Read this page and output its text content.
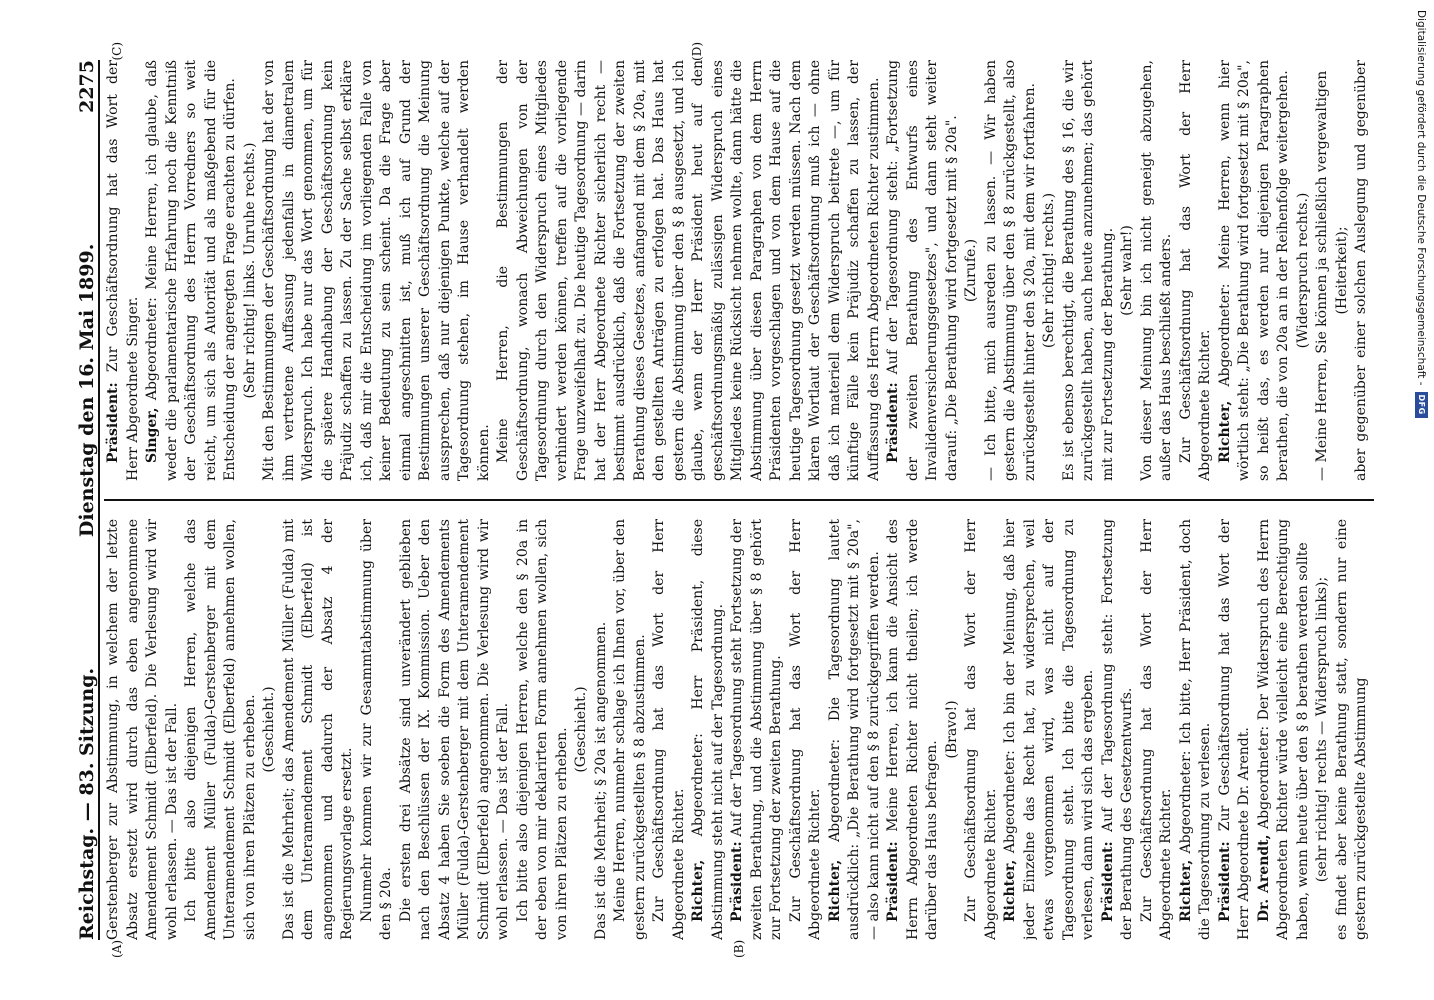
Reichstag. — 83. Sitzung.
Dienstag den 16. Mai 1899.
2275
(A)	(B)
(C)	(D)

Gerstenberger zur Abstimmung, in welchem der letzte Absatz ersetzt wird durch das eben angenommene Amendement Schmidt (Elberfeld). Die Verlesung wird wir wohl erlassen. — Das ist der Fall. Ich bitte also diejenigen Herren, welche das Amendement Müller (Fulda)-Gerstenberger mit dem Unteramendement Schmidt (Elberfeld) annehmen wollen, sich von ihren Plätzen zu erheben. (Geschieht.) Das ist die Mehrheit; das Amendement Müller (Fulda) mit dem Unteramendement Schmidt (Elberfeld) ist angenommen und dadurch der Absatz 4 der Regierungsvorlage ersetzt. Nunmehr kommen wir zur Gesammtabstimmung über den § 20a. Die ersten drei Absätze sind unverändert geblieben nach den Beschlüssen der IX. Kommission. Ueber den Absatz 4 haben Sie soeben die Form des Amendements Müller (Fulda)-Gerstenberger mit dem Unteramendement Schmidt (Elberfeld) angenommen. Die Verlesung wird wir wohl erlassen. — Das ist der Fall. Ich bitte also diejenigen Herren, welche den § 20a in der eben von mir deklarirten Form annehmen wollen, sich von ihren Plätzen zu erheben. (Geschieht.) Das ist die Mehrheit; § 20a ist angenommen. Meine Herren, nunmehr schlage ich Ihnen vor, über den gestern zurückgestellten § 8 abzustimmen. Zur Geschäftsordnung hat das Wort der Herr Abgeordnete Richter. Richter, Abgeordneter: Herr Präsident, diese Abstimmung steht nicht auf der Tagesordnung. Präsident: Auf der Tagesordnung steht Fortsetzung der zweiten Berathung, und die Abstimmung über § 8 gehört zur Fortsetzung der zweiten Berathung. Zur Geschäftsordnung hat das Wort der Herr Abgeordnete Richter. Richter, Abgeordneter: Die Tagesordnung lautet ausdrücklich: „Die Berathung wird fortgesetzt mit § 20a", — also kann nicht auf den § 8 zurückgegriffen werden. Präsident: Meine Herren, ich kann die Ansicht des Herrn Abgeordneten Richter nicht theilen; ich werde darüber das Haus befragen.

(Bravo!) Zur Geschäftsordnung hat das Wort der Herr Abgeordnete Richter. Richter, Abgeordneter: Ich bin der Meinung, daß hier jeder Einzelne das Recht hat, zu widersprechen, weil etwas vorgenommen wird, was nicht auf der Tagesordnung steht. Ich bitte die Tagesordnung zu verlesen, dann wird sich das ergeben. Präsident: Auf der Tagesordnung steht: Fortsetzung der Berathung des Gesetzentwurfs. Zur Geschäftsordnung hat das Wort der Herr Abgeordnete Richter. Richter, Abgeordneter: Ich bitte, Herr Präsident, doch die Tagesordnung zu verlesen. Präsident: Zur Geschäftsordnung hat das Wort der Herr Abgeordnete Dr. Arendt. Dr. Arendt, Abgeordneter: Der Widerspruch des Herrn Abgeordneten Richter würde vielleicht eine Berechtigung haben, wenn heute über den § 8 berathen werden sollte (sehr richtig! rechts — Widerspruch links); es findet aber keine Berathung statt, sondern nur eine gestern zurückgestellte Abstimmung

Präsident: Zur Geschäftsordnung hat das Wort der Herr Abgeordnete Singer. Singer, Abgeordneter: Meine Herren, ich glaube, daß weder die parlamentarische Erfahrung noch die Kenntniß der Geschäftsordnung des Herrn Vorredners so weit reicht, um sich als Autorität und als maßgebend für die Entscheidung der angeregten Frage erachten zu dürfen. (Sehr richtig! links. Unruhe rechts.) Mit den Bestimmungen der Geschäftsordnung hat der von ihm vertretene Auffassung jedenfalls in diametralem Widerspruch. Ich habe nur das Wort genommen, um für die spätere Handhabung der Geschäftsordnung kein Präjudiz schaffen zu lassen. Zu der Sache selbst erkläre ich, daß mir die Entscheidung im vorliegenden Falle von keiner Bedeutung zu sein scheint. Da die Frage aber einmal angeschnitten ist, muß ich auf Grund der Bestimmungen unserer Geschäftsordnung die Meinung aussprechen, daß nur diejenigen Punkte, welche auf der Tagesordnung stehen, im Hause verhandelt werden können. Meine Herren, die Bestimmungen der Geschäftsordnung, wonach Abweichungen von der Tagesordnung durch den Widerspruch eines Mitgliedes verhindert werden können, treffen auf die vorliegende Frage unzweifelhaft zu. Die heutige Tagesordnung — darin hat der Herr Abgeordnete Richter sicherlich recht — bestimmt ausdrücklich, daß die Fortsetzung der zweiten Berathung dieses Gesetzes, anfangend mit dem § 20a, mit den gestellten Anträgen zu erfolgen hat. Das Haus hat gestern die Abstimmung über den § 8 ausgesetzt, und ich glaube, wenn der Herr Präsident heut auf den geschäftsordnungsmäßig zulässigen Widerspruch eines Mitgliedes keine Rücksicht nehmen wollte, dann hätte die Abstimmung über diesen Paragraphen von dem Herrn Präsidenten vorgeschlagen und von dem Hause auf die heutige Tagesordnung gesetzt werden müssen. Nach dem klaren Wortlaut der Geschäftsordnung muß ich — ohne daß ich materiell dem Widerspruch beitrete —, um für künftige Fälle kein Präjudiz schaffen zu lassen, der Auffassung des Herrn Abgeordneten Richter zustimmen. Präsident: Auf der Tagesordnung steht: „Fortsetzung der zweiten Berathung des Entwurfs eines Invalidenversicherungsgesetzes", und dann steht weiter darauf: „Die Berathung wird fortgesetzt mit § 20a". (Zurufe.) — Ich bitte, mich ausreden zu lassen. — Wir haben gestern die Abstimmung über den § 8 zurückgestellt, also zurückgestellt hinter den § 20a, mit dem wir fortfahren. (Sehr richtig! rechts.) Es ist ebenso berechtigt, die Berathung des § 16, die wir zurückgestellt haben, auch heute anzunehmen; das gehört mit zur Fortsetzung der Berathung. (Sehr wahr!) Von dieser Meinung bin ich nicht geneigt abzugehen, außer das Haus beschließt anders. Zur Geschäftsordnung hat das Wort der Herr Abgeordnete Richter. Richter, Abgeordneter: Meine Herren, wenn hier wörtlich steht: „Die Berathung wird fortgesetzt mit § 20a", so heißt das, es werden nur diejenigen Paragraphen berathen, die von 20a an in der Reihenfolge weitergehen. (Widerspruch rechts.) — Meine Herren, Sie können ja schließlich vergewaltigen (Heiterkeit);

aber gegenüber einer solchen Auslegung und gegenüber	Digitalisierung gefördert durch die Deutsche Forschungsgemeinschaft -
DFG
